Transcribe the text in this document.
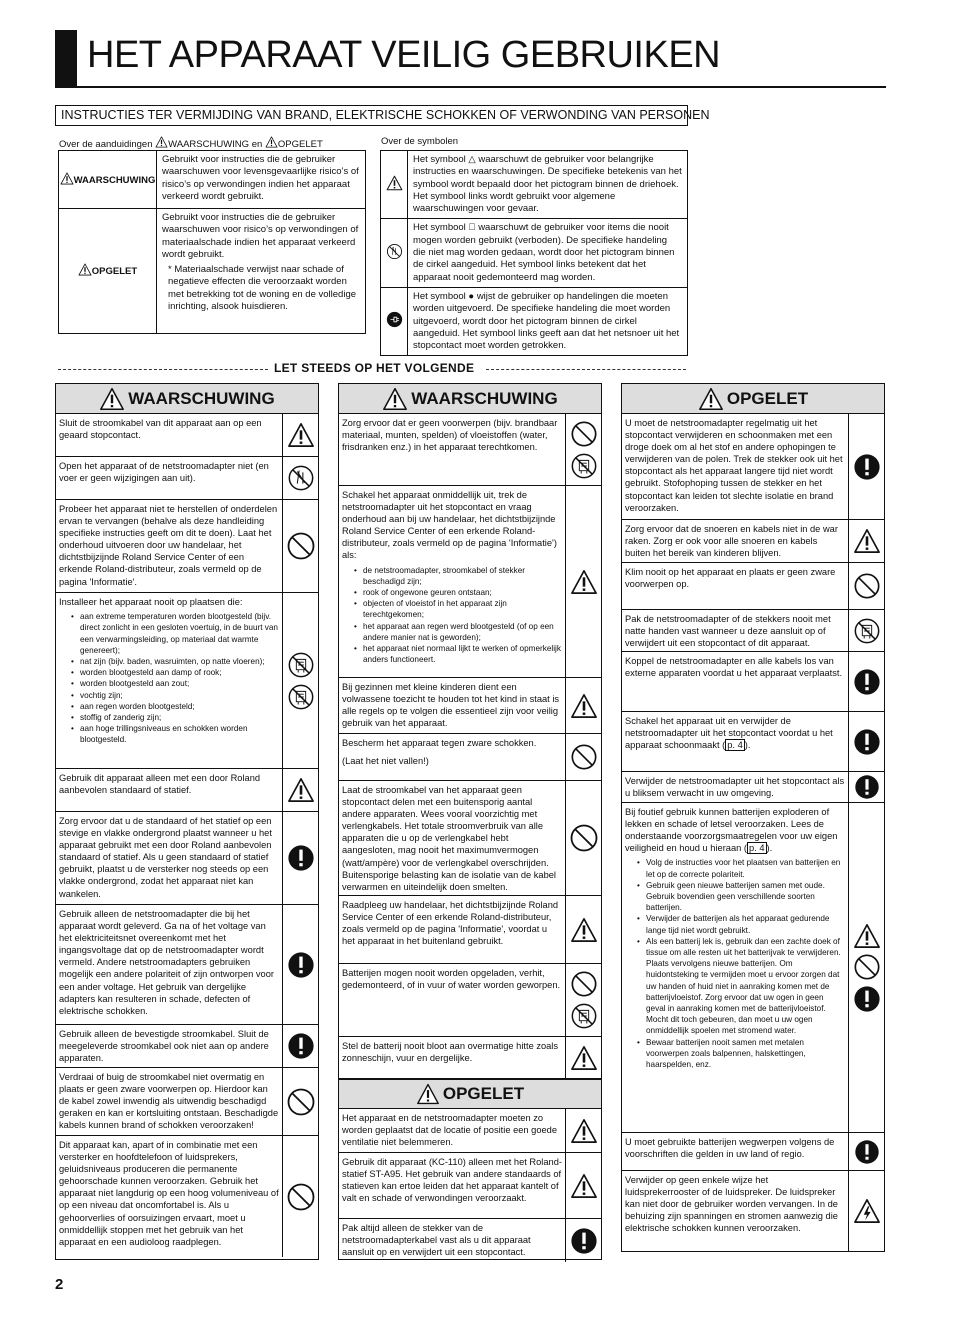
HET APPARAAT VEILIG GEBRUIKEN
INSTRUCTIES TER VERMIJDING VAN BRAND, ELEKTRISCHE SCHOKKEN OF VERWONDING VAN PERSONEN
Over de aanduidingen WAARSCHUWING en OPGELET
WAARSCHUWING	Gebruikt voor instructies die de gebruiker waarschuwen voor levensgevaarlijke risico’s of risico’s op verwondingen indien het apparaat verkeerd wordt gebruikt.
OPGELET	Gebruikt voor instructies die de gebruiker waarschuwen voor risico’s op verwondingen of materiaalschade indien het apparaat verkeerd wordt gebruikt.
* Materiaalschade verwijst naar schade of negatieve effecten die veroorzaakt worden met betrekking tot de woning en de volledige inrichting, alsook huisdieren.
Over de symbolen
	Het symbool △ waarschuwt de gebruiker voor belangrijke instructies en waarschuwingen. De specifieke betekenis van het symbool wordt bepaald door het pictogram binnen de driehoek. Het symbool links wordt gebruikt voor algemene waarschuwingen voor gevaar.
	Het symbool ⃠ waarschuwt de gebruiker voor items die nooit mogen worden gebruikt (verboden). De specifieke handeling die niet mag worden gedaan, wordt door het pictogram binnen de cirkel aangeduid. Het symbool links betekent dat het apparaat nooit gedemonteerd mag worden.
	Het symbool ● wijst de gebruiker op handelingen die moeten worden uitgevoerd. De specifieke handeling die moet worden uitgevoerd, wordt door het pictogram binnen de cirkel aangeduid. Het symbool links geeft aan dat het netsnoer uit het stopcontact moet worden getrokken.
LET STEEDS OP HET VOLGENDE
WAARSCHUWING
Sluit de stroomkabel van dit apparaat aan op een geaard stopcontact.
Open het apparaat of de netstroomadapter niet (en voer er geen wijzigingen aan uit).
Probeer het apparaat niet te herstellen of onderdelen ervan te vervangen (behalve als deze handleiding specifieke instructies geeft om dit te doen). Laat het onderhoud uitvoeren door uw handelaar, het dichtstbijzijnde Roland Service Center of een erkende Roland-distributeur, zoals vermeld op de pagina 'Informatie'.
Installeer het apparaat nooit op plaatsen die:
• aan extreme temperaturen worden blootgesteld (bijv. direct zonlicht in een gesloten voertuig, in de buurt van een verwarmingsleiding, op materiaal dat warmte genereert);
• nat zijn (bijv. baden, wasruimten, op natte vloeren);
• worden blootgesteld aan damp of rook;
• worden blootgesteld aan zout;
• vochtig zijn;
• aan regen worden blootgesteld;
• stoffig of zanderig zijn;
• aan hoge trillingsniveaus en schokken worden blootgesteld.
Gebruik dit apparaat alleen met een door Roland aanbevolen standaard of statief.
Zorg ervoor dat u de standaard of het statief op een stevige en vlakke ondergrond plaatst wanneer u het apparaat gebruikt met een door Roland aanbevolen standaard of statief. Als u geen standaard of statief gebruikt, plaatst u de versterker nog steeds op een vlakke ondergrond, zodat het apparaat niet kan wankelen.
Gebruik alleen de netstroomadapter die bij het apparaat wordt geleverd. Ga na of het voltage van het elektriciteitsnet overeenkomt met het ingangsvoltage dat op de netstroomadapter wordt vermeld. Andere netstroomadapters gebruiken mogelijk een andere polariteit of zijn ontworpen voor een ander voltage. Het gebruik van dergelijke adapters kan resulteren in schade, defecten of elektrische schokken.
Gebruik alleen de bevestigde stroomkabel. Sluit de meegeleverde stroomkabel ook niet aan op andere apparaten.
Verdraai of buig de stroomkabel niet overmatig en plaats er geen zware voorwerpen op. Hierdoor kan de kabel zowel inwendig als uitwendig beschadigd geraken en kan er kortsluiting ontstaan. Beschadigde kabels kunnen brand of schokken veroorzaken!
Dit apparaat kan, apart of in combinatie met een versterker en hoofdtelefoon of luidsprekers, geluidsniveaus produceren die permanente gehoorschade kunnen veroorzaken. Gebruik het apparaat niet langdurig op een hoog volumeniveau of op een niveau dat oncomfortabel is. Als u gehoorverlies of oorsuizingen ervaart, moet u onmiddellijk stoppen met het gebruik van het apparaat en een audioloog raadplegen.
WAARSCHUWING
Zorg ervoor dat er geen voorwerpen (bijv. brandbaar materiaal, munten, spelden) of vloeistoffen (water, frisdranken enz.) in het apparaat terechtkomen.
Schakel het apparaat onmiddellijk uit, trek de netstroomadapter uit het stopcontact en vraag onderhoud aan bij uw handelaar, het dichtstbijzijnde Roland Service Center of een erkende Roland-distributeur, zoals vermeld op de pagina 'Informatie') als:
• de netstroomadapter, stroomkabel of stekker beschadigd zijn;
• rook of ongewone geuren ontstaan;
• objecten of vloeistof in het apparaat zijn terechtgekomen;
• het apparaat aan regen werd blootgesteld (of op een andere manier nat is geworden);
• het apparaat niet normaal lijkt te werken of opmerkelijk anders functioneert.
Bij gezinnen met kleine kinderen dient een volwassene toezicht te houden tot het kind in staat is alle regels op te volgen die essentieel zijn voor veilig gebruik van het apparaat.
Bescherm het apparaat tegen zware schokken.
(Laat het niet vallen!)
Laat de stroomkabel van het apparaat geen stopcontact delen met een buitensporig aantal andere apparaten. Wees vooral voorzichtig met verlengkabels. Het totale stroomverbruik van alle apparaten die u op de verlengkabel hebt aangesloten, mag nooit het maximumvermogen (watt/ampère) voor de verlengkabel overschrijden. Buitensporige belasting kan de isolatie van de kabel verwarmen en uiteindelijk doen smelten.
Raadpleeg uw handelaar, het dichtstbijzijnde Roland Service Center of een erkende Roland-distributeur, zoals vermeld op de pagina 'Informatie', voordat u het apparaat in het buitenland gebruikt.
Batterijen mogen nooit worden opgeladen, verhit, gedemonteerd, of in vuur of water worden geworpen.
Stel de batterij nooit bloot aan overmatige hitte zoals zonneschijn, vuur en dergelijke.
OPGELET
Het apparaat en de netstroomadapter moeten zo worden geplaatst dat de locatie of positie een goede ventilatie niet belemmeren.
Gebruik dit apparaat (KC-110) alleen met het Roland-statief ST-A95. Het gebruik van andere standaards of statieven kan ertoe leiden dat het apparaat kantelt of valt en schade of verwondingen veroorzaakt.
Pak altijd alleen de stekker van de netstroomadapterkabel vast als u dit apparaat aansluit op en verwijdert uit een stopcontact.
OPGELET
U moet de netstroomadapter regelmatig uit het stopcontact verwijderen en schoonmaken met een droge doek om al het stof en andere ophopingen te verwijderen van de polen. Trek de stekker ook uit het stopcontact als het apparaat langere tijd niet wordt gebruikt. Stofophoping tussen de stekker en het stopcontact kan leiden tot slechte isolatie en brand veroorzaken.
Zorg ervoor dat de snoeren en kabels niet in de war raken. Zorg er ook voor alle snoeren en kabels buiten het bereik van kinderen blijven.
Klim nooit op het apparaat en plaats er geen zware voorwerpen op.
Pak de netstroomadapter of de stekkers nooit met natte handen vast wanneer u deze aansluit op of verwijdert uit een stopcontact of dit apparaat.
Koppel de netstroomadapter en alle kabels los van externe apparaten voordat u het apparaat verplaatst.
Schakel het apparaat uit en verwijder de netstroomadapter uit het stopcontact voordat u het apparaat schoonmaakt ( p. 4 ).
Verwijder de netstroomadapter uit het stopcontact als u bliksem verwacht in uw omgeving.
Bij foutief gebruik kunnen batterijen exploderen of lekken en schade of letsel veroorzaken. Lees de onderstaande voorzorgsmaatregelen voor uw eigen veiligheid en houd u hieraan ( p. 4 ).
• Volg de instructies voor het plaatsen van batterijen en let op de correcte polariteit.
• Gebruik geen nieuwe batterijen samen met oude. Gebruik bovendien geen verschillende soorten batterijen.
• Verwijder de batterijen als het apparaat gedurende lange tijd niet wordt gebruikt.
• Als een batterij lek is, gebruik dan een zachte doek of tissue om alle resten uit het batterijvak te verwijderen. Plaats vervolgens nieuwe batterijen. Om huidontsteking te vermijden moet u ervoor zorgen dat uw handen of huid niet in aanraking komen met de batterijvloeistof. Zorg ervoor dat uw ogen in geen geval in aanraking komen met de batterijvloeistof. Mocht dit toch gebeuren, dan moet u uw ogen onmiddellijk spoelen met stromend water.
• Bewaar batterijen nooit samen met metalen voorwerpen zoals balpennen, halskettingen, haarspelden, enz.
U moet gebruikte batterijen wegwerpen volgens de voorschriften die gelden in uw land of regio.
Verwijder op geen enkele wijze het luidsprekerrooster of de luidspreker. De luidspreker kan niet door de gebruiker worden vervangen. In de behuizing zijn spanningen en stromen aanwezig die elektrische schokken kunnen veroorzaken.
2
